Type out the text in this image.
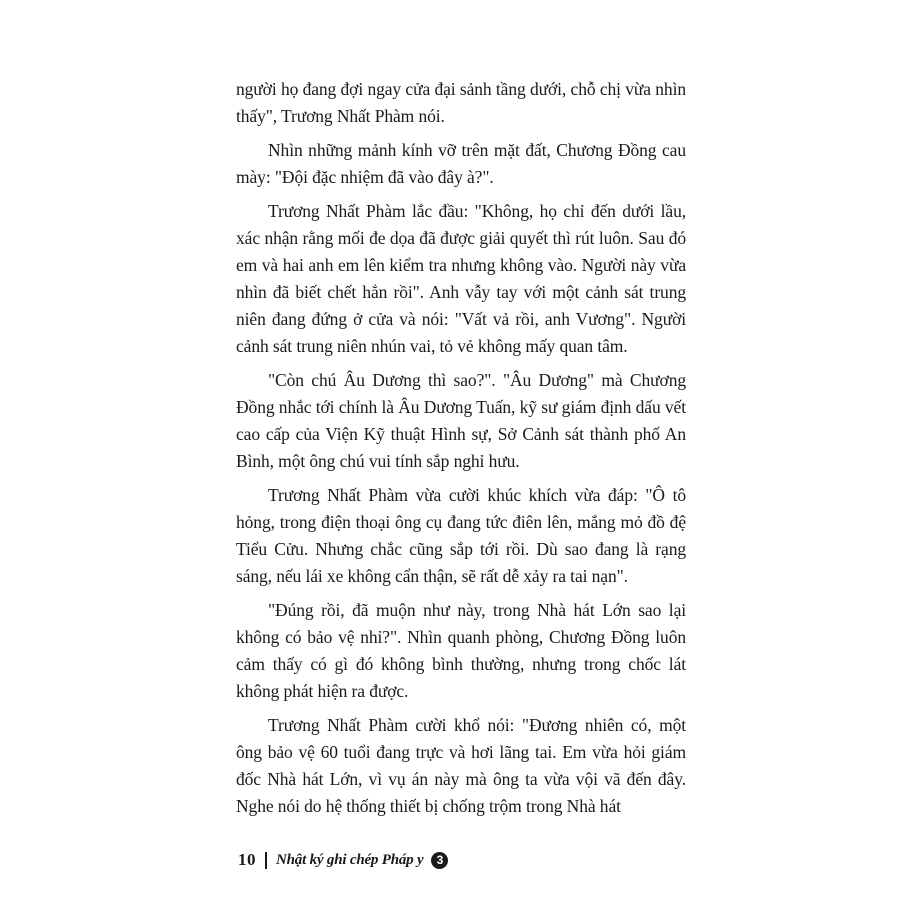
người họ đang đợi ngay cửa đại sảnh tầng dưới, chỗ chị vừa nhìn thấy", Trương Nhất Phàm nói.

Nhìn những mảnh kính vỡ trên mặt đất, Chương Đồng cau mày: "Đội đặc nhiệm đã vào đây à?".

Trương Nhất Phàm lắc đầu: "Không, họ chỉ đến dưới lầu, xác nhận rằng mối đe dọa đã được giải quyết thì rút luôn. Sau đó em và hai anh em lên kiểm tra nhưng không vào. Người này vừa nhìn đã biết chết hẳn rồi". Anh vẫy tay với một cảnh sát trung niên đang đứng ở cửa và nói: "Vất vả rồi, anh Vương". Người cảnh sát trung niên nhún vai, tỏ vẻ không mấy quan tâm.

"Còn chú Âu Dương thì sao?". "Âu Dương" mà Chương Đồng nhắc tới chính là Âu Dương Tuấn, kỹ sư giám định dấu vết cao cấp của Viện Kỹ thuật Hình sự, Sở Cảnh sát thành phố An Bình, một ông chú vui tính sắp nghỉ hưu.

Trương Nhất Phàm vừa cười khúc khích vừa đáp: "Ô tô hỏng, trong điện thoại ông cụ đang tức điên lên, mắng mỏ đồ đệ Tiểu Cửu. Nhưng chắc cũng sắp tới rồi. Dù sao đang là rạng sáng, nếu lái xe không cẩn thận, sẽ rất dễ xảy ra tai nạn".

"Đúng rồi, đã muộn như này, trong Nhà hát Lớn sao lại không có bảo vệ nhỉ?". Nhìn quanh phòng, Chương Đồng luôn cảm thấy có gì đó không bình thường, nhưng trong chốc lát không phát hiện ra được.

Trương Nhất Phàm cười khổ nói: "Đương nhiên có, một ông bảo vệ 60 tuổi đang trực và hơi lãng tai. Em vừa hỏi giám đốc Nhà hát Lớn, vì vụ án này mà ông ta vừa vội vã đến đây. Nghe nói do hệ thống thiết bị chống trộm trong Nhà hát

10 Nhật ký ghi chép Pháp y	3
